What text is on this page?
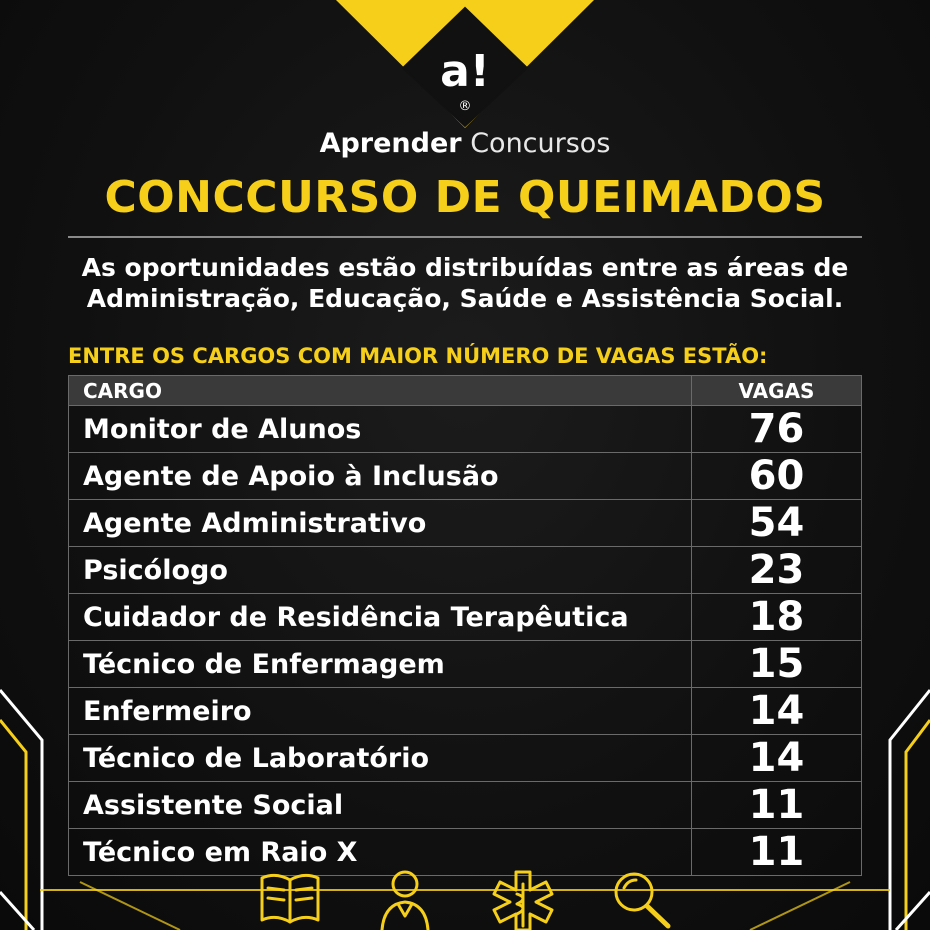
a!
®
Aprender Concursos
CONCCURSO DE QUEIMADOS
As oportunidades estão distribuídas entre as áreas de
Administração, Educação, Saúde e Assistência Social.
ENTRE OS CARGOS COM MAIOR NÚMERO DE VAGAS ESTÃO:
CARGO	VAGAS
Monitor de Alunos	76
Agente de Apoio à Inclusão	60
Agente Administrativo	54
Psicólogo	23
Cuidador de Residência Terapêutica	18
Técnico de Enfermagem	15
Enfermeiro	14
Técnico de Laboratório	14
Assistente Social	11
Técnico em Raio X	11
